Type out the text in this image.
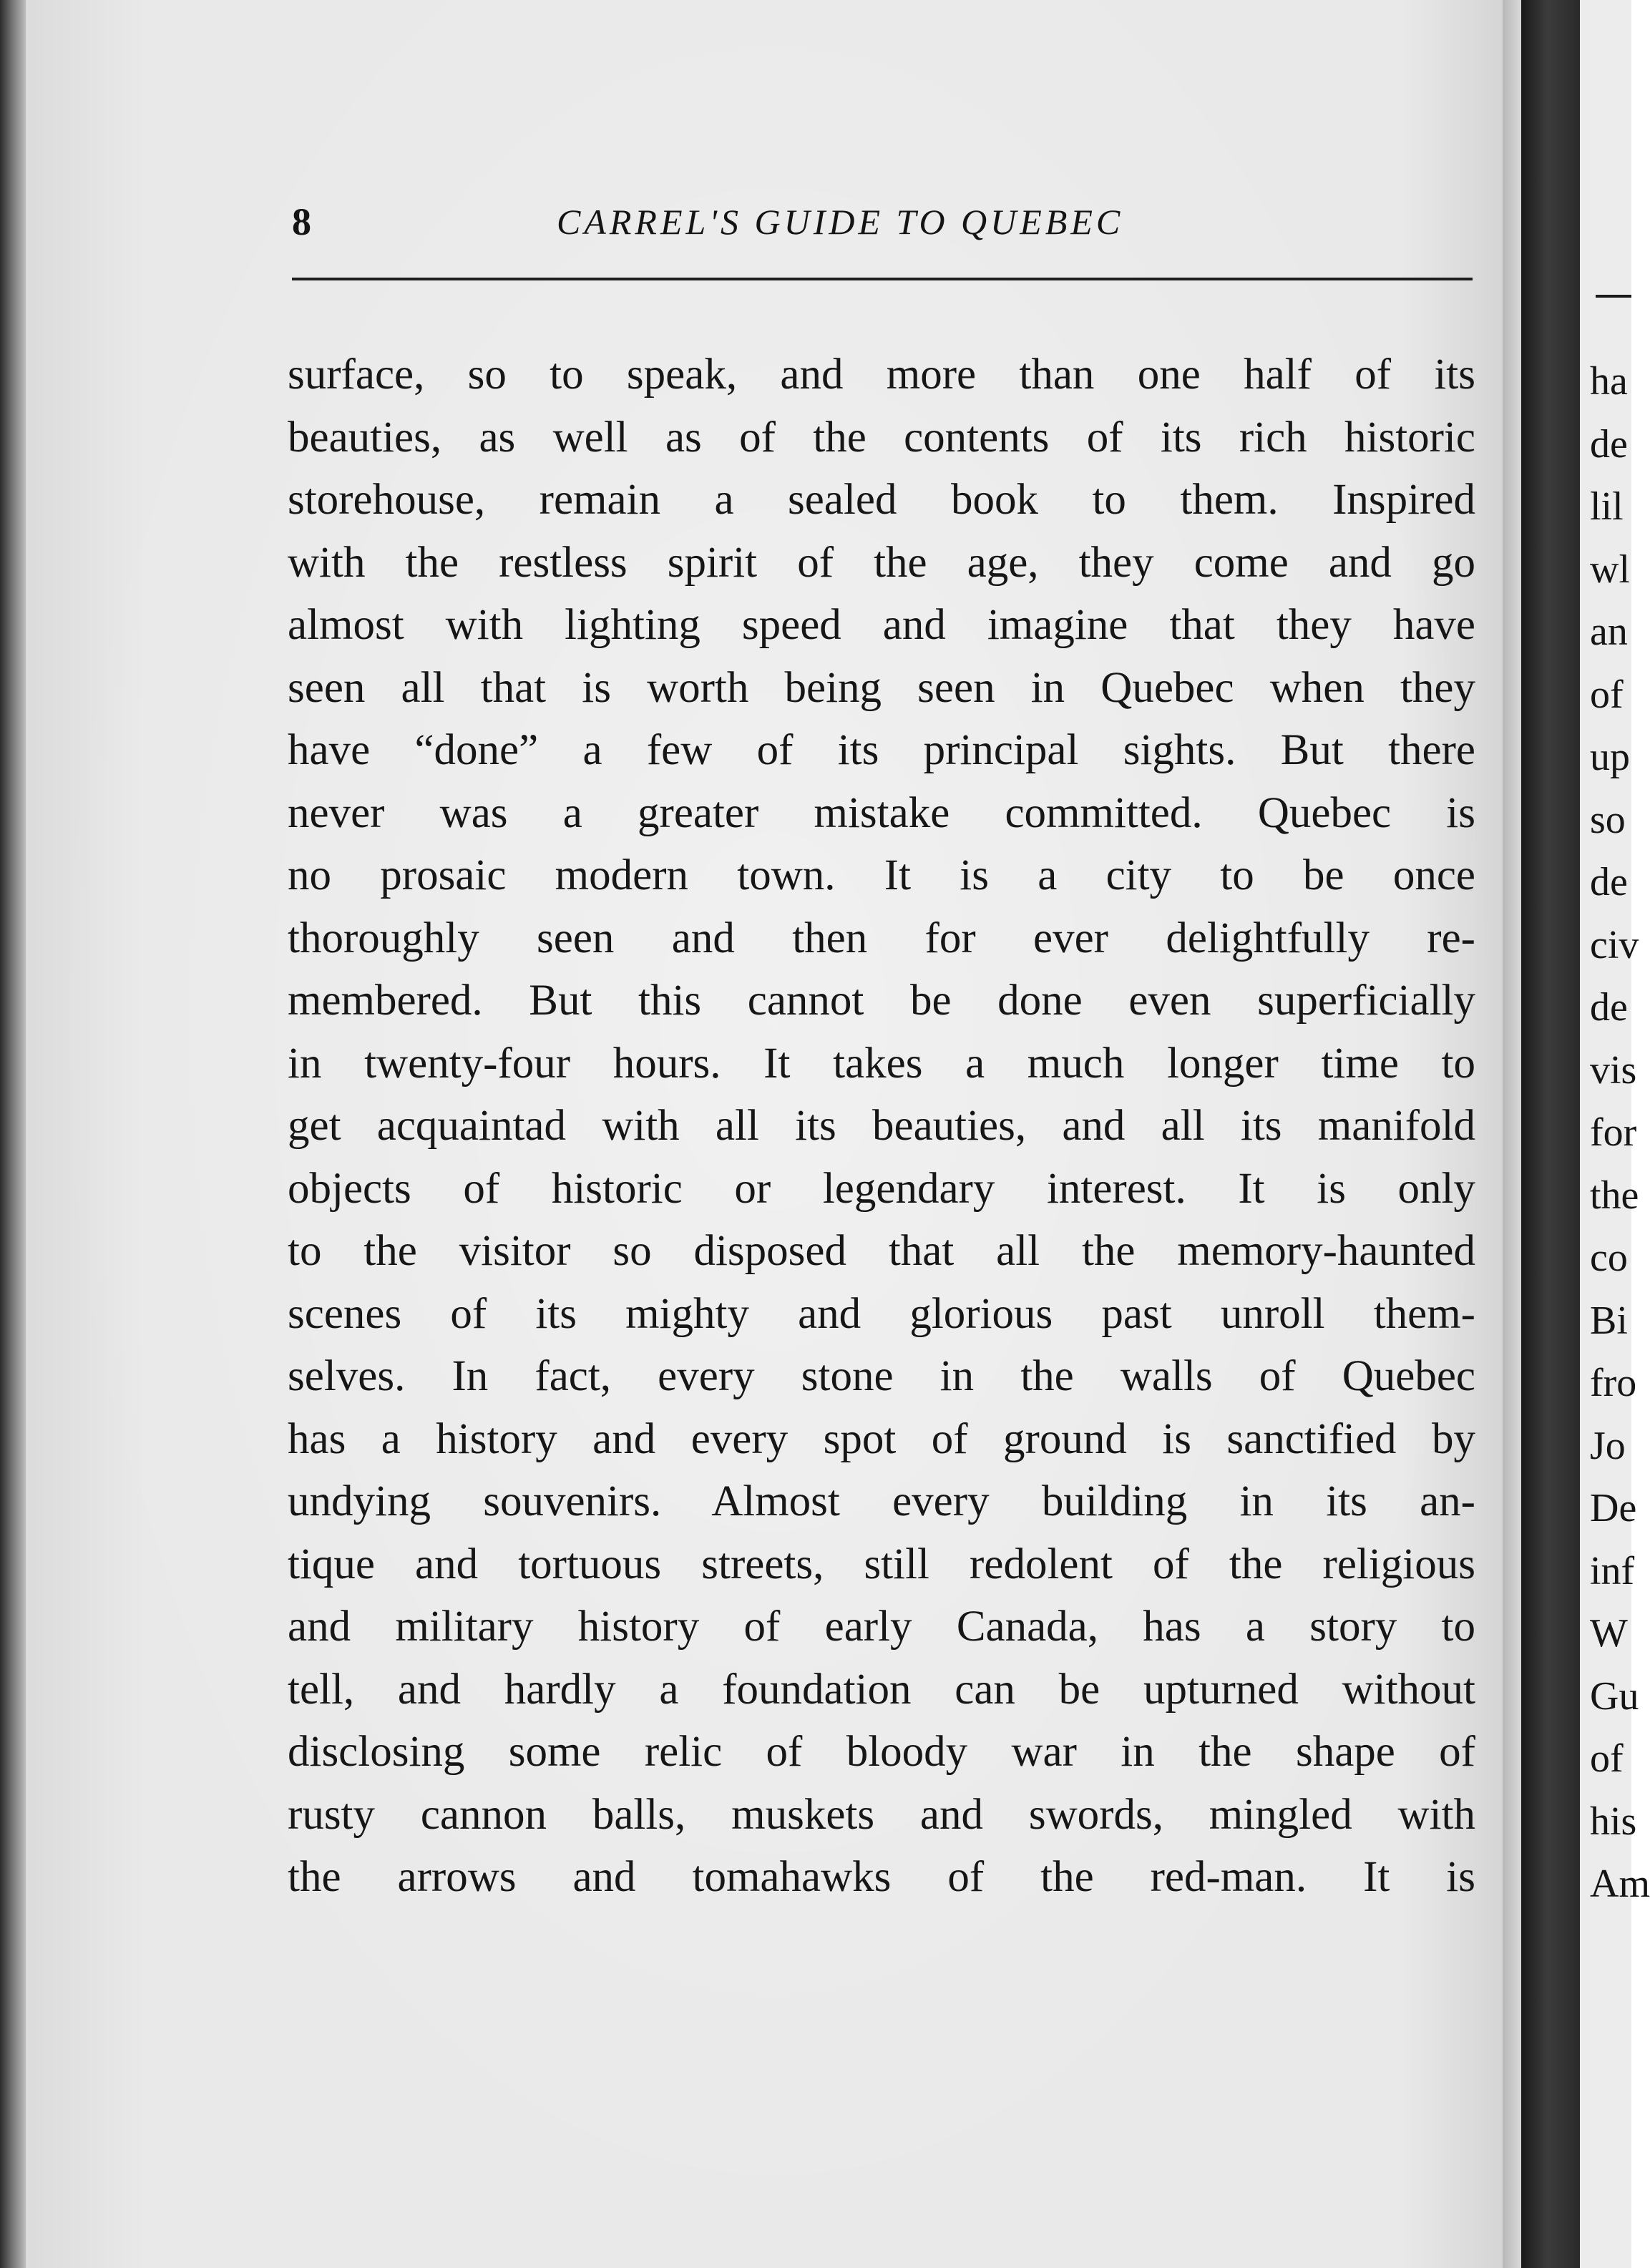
8	CARREL'S GUIDE TO QUEBEC
surface, so to speak, and more than one half of its
beauties, as well as of the contents of its rich historic
storehouse, remain a sealed book to them. Inspired
with the restless spirit of the age, they come and go
almost with lighting speed and imagine that they have
seen all that is worth being seen in Quebec when they
have “done” a few of its principal sights. But there
never was a greater mistake committed. Quebec is
no prosaic modern town. It is a city to be once
thoroughly seen and then for ever delightfully re-
membered. But this cannot be done even superficially
in twenty-four hours. It takes a much longer time to
get acquaintad with all its beauties, and all its manifold
objects of historic or legendary interest. It is only
to the visitor so disposed that all the memory-haunted
scenes of its mighty and glorious past unroll them-
selves. In fact, every stone in the walls of Quebec
has a history and every spot of ground is sanctified by
undying souvenirs. Almost every building in its an-
tique and tortuous streets, still redolent of the religious
and military history of early Canada, has a story to
tell, and hardly a foundation can be upturned without
disclosing some relic of bloody war in the shape of
rusty cannon balls, muskets and swords, mingled with
the arrows and tomahawks of the red-man. It is
ha
de
lil
wl
an
of
up
so
de
civ
de
vis
for
the
co
Bi
fro
Jo
De
inf
W
Gu
of
his
Am
